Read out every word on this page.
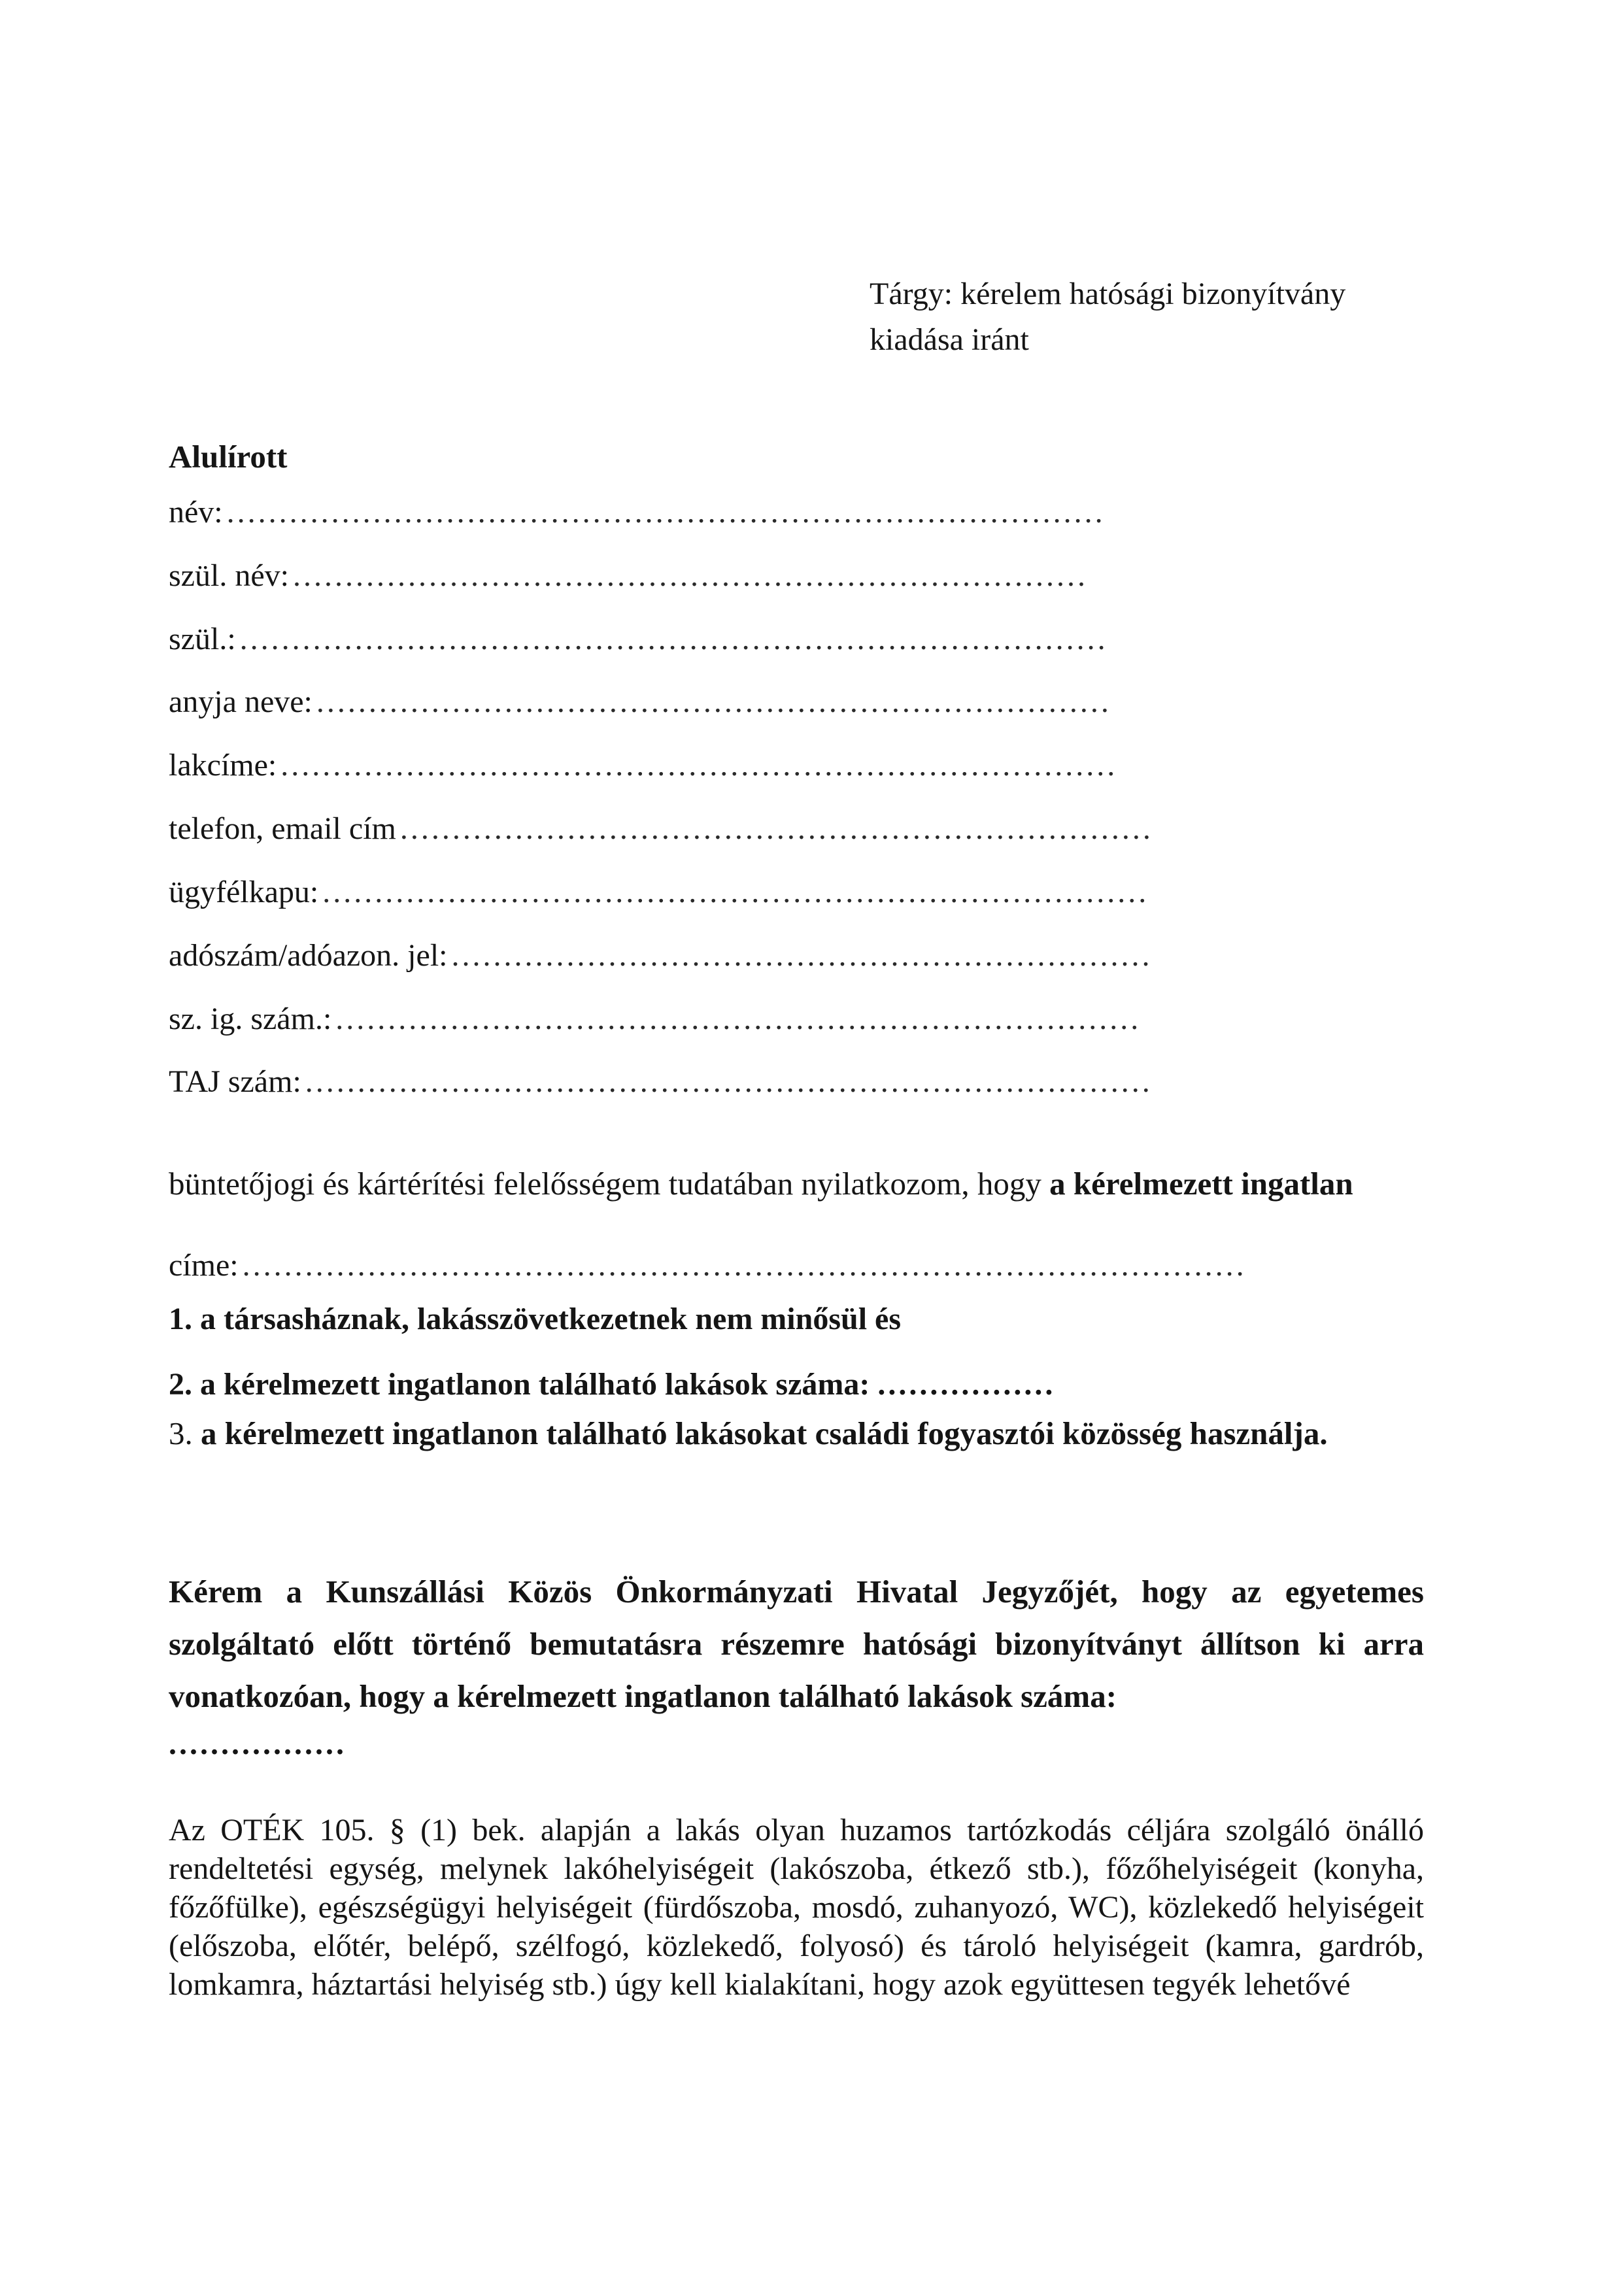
Tárgy: kérelem hatósági bizonyítvány
kiadása iránt
Alulírott
név: ....................................................................................
szül. név: ............................................................................
szül.: ...................................................................................
anyja neve: ............................................................................
lakcíme: ................................................................................
telefon, email cím ........................................................................
ügyfélkapu: ...............................................................................
adószám/adóazon. jel: ...................................................................
sz. ig. szám.: .............................................................................
TAJ szám: .................................................................................
büntetőjogi és kártérítési felelősségem tudatában nyilatkozom, hogy a kérelmezett ingatlan
címe: ................................................................................................
1. a társasháznak, lakásszövetkezetnek nem minősül és
2. a kérelmezett ingatlanon található lakások száma: .................
3. a kérelmezett ingatlanon található lakásokat családi fogyasztói közösség használja.
Kérem a Kunszállási Közös Önkormányzati Hivatal Jegyzőjét, hogy az egyetemes szolgáltató előtt történő bemutatásra részemre hatósági bizonyítványt állítson ki arra vonatkozóan, hogy a kérelmezett ingatlanon található lakások száma:
.................
Az OTÉK 105. § (1) bek. alapján a lakás olyan huzamos tartózkodás céljára szolgáló önálló rendeltetési egység, melynek lakóhelyiségeit (lakószoba, étkező stb.), főzőhelyiségeit (konyha, főzőfülke), egészségügyi helyiségeit (fürdőszoba, mosdó, zuhanyozó, WC), közlekedő helyiségeit (előszoba, előtér, belépő, szélfogó, közlekedő, folyosó) és tároló helyiségeit (kamra, gardrób, lomkamra, háztartási helyiség stb.) úgy kell kialakítani, hogy azok együttesen tegyék lehetővé
